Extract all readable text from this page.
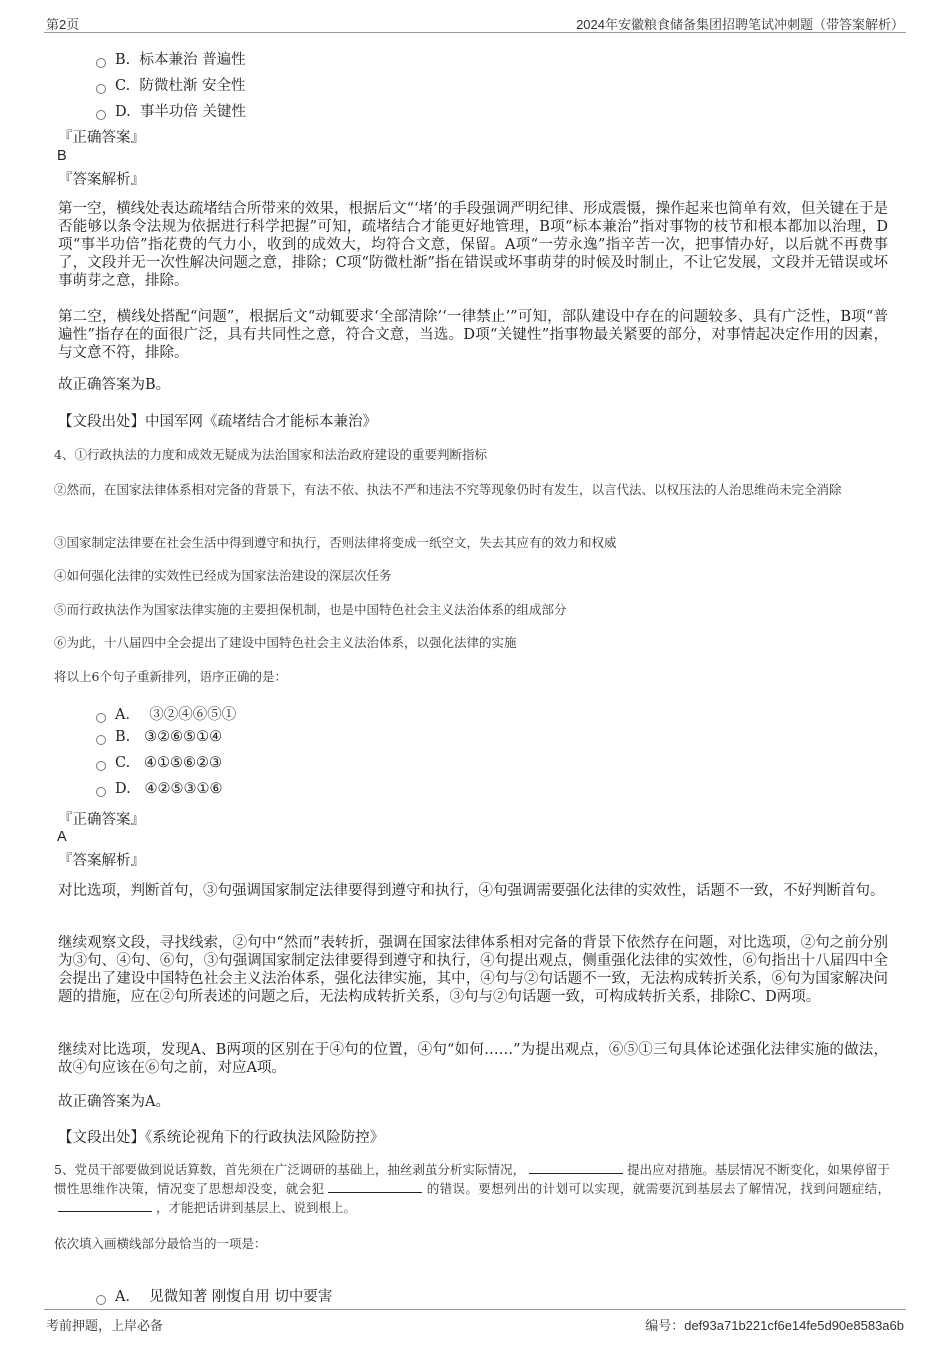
第2页	2024年安徽粮食储备集团招聘笔试冲刺题（带答案解析）
B. 标本兼治 普遍性
C. 防微杜渐 安全性
D. 事半功倍 关键性
『正确答案』
B
『答案解析』

第一空，横线处表达疏堵结合所带来的效果，根据后文“‘堵’的手段强调严明纪律、形成震慑，操作起来也简单有效，但关键在于是否能够以条令法规为依据进行科学把握”可知，疏堵结合才能更好地管理，B项“标本兼治”指对事物的枝节和根本都加以治理，D项“事半功倍”指花费的气力小，收到的成效大，均符合文意，保留。A项“一劳永逸”指辛苦一次，把事情办好，以后就不再费事了，文段并无一次性解决问题之意，排除；C项“防微杜渐”指在错误或坏事萌芽的时候及时制止，不让它发展，文段并无错误或坏事萌芽之意，排除。

第二空，横线处搭配“问题”，根据后文“动辄要求‘全部清除’‘一律禁止’”可知，部队建设中存在的问题较多、具有广泛性，B项“普遍性”指存在的面很广泛，具有共同性之意，符合文意，当选。D项“关键性”指事物最关紧要的部分，对事情起决定作用的因素，与文意不符，排除。

故正确答案为B。

【文段出处】中国军网《疏堵结合才能标本兼治》

4、①行政执法的力度和成效无疑成为法治国家和法治政府建设的重要判断指标

②然而，在国家法律体系相对完备的背景下，有法不依、执法不严和违法不究等现象仍时有发生，以言代法、以权压法的人治思维尚未完全消除

③国家制定法律要在社会生活中得到遵守和执行，否则法律将变成一纸空文，失去其应有的效力和权威

④如何强化法律的实效性已经成为国家法治建设的深层次任务

⑤而行政执法作为国家法律实施的主要担保机制，也是中国特色社会主义法治体系的组成部分

⑥为此，十八届四中全会提出了建设中国特色社会主义法治体系，以强化法律的实施

将以上6个句子重新排列，语序正确的是：

A． ③②④⑥⑤①
B. ③②⑥⑤①④
C. ④①⑤⑥②③
D. ④②⑤③①⑥
『正确答案』
A
『答案解析』

对比选项，判断首句，③句强调国家制定法律要得到遵守和执行，④句强调需要强化法律的实效性，话题不一致，不好判断首句。

继续观察文段，寻找线索，②句中“然而”表转折，强调在国家法律体系相对完备的背景下依然存在问题，对比选项，②句之前分别为③句、④句、⑥句，③句强调国家制定法律要得到遵守和执行，④句提出观点，侧重强化法律的实效性，⑥句指出十八届四中全会提出了建设中国特色社会主义法治体系，强化法律实施，其中，④句与②句话题不一致，无法构成转折关系，⑥句为国家解决问题的措施，应在②句所表述的问题之后，无法构成转折关系，③句与②句话题一致，可构成转折关系，排除C、D两项。

继续对比选项，发现A、B两项的区别在于④句的位置，④句“如何……”为提出观点，⑥⑤①三句具体论述强化法律实施的做法，故④句应该在⑥句之前，对应A项。

故正确答案为A。

【文段出处】《系统论视角下的行政执法风险防控》

5、党员干部要做到说话算数，首先须在广泛调研的基础上，抽丝剥茧分析实际情况，	提出应对措施。基层情况不断变化，如果停留于惯性思维作决策，情况变了思想却没变，就会犯	的错误。要想列出的计划可以实现，就需要沉到基层去了解情况，找到问题症结，，才能把话讲到基层上、说到根上。

依次填入画横线部分最恰当的一项是：

A． 见微知著 刚愎自用 切中要害
考前押题，上岸必备	编号：def93a71b221cf6e14fe5d90e8583a6b
